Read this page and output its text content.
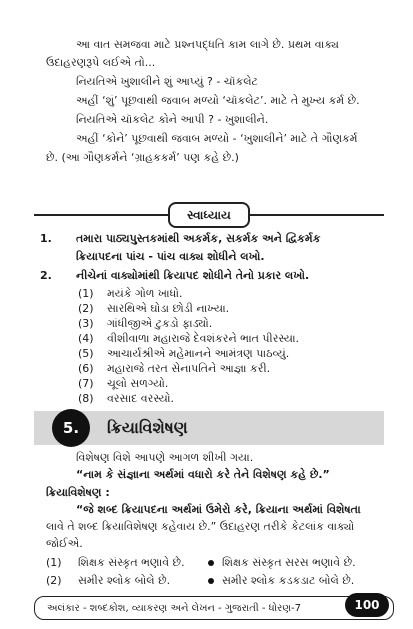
આ વાત સમજવા માટે પ્રશ્નપદ્ધતિ કામ લાગે છે. પ્રથમ વાક્ય
ઉદાહરણરૂપે લઈએ તો...
નિયતિએ ખુશાલીને શું આપ્યું ? - ચૉકલેટ
અહીં ‘શું’ પૂછવાથી જવાબ મળ્યો ‘ચૉકલેટ’. માટે તે મુખ્ય કર્મ છે.
નિયતિએ ચૉકલેટ કોને આપી ? - ખુશાલીને.
અહીં ‘કોને’ પૂછવાથી જવાબ મળ્યો - ‘ખુશાલીને’ માટે તે ગૌણકર્મ
છે. (આ ગૌણકર્મને ‘ગ્રાહકકર્મ’ પણ કહે છે.)
સ્વાધ્યાય
1. તમારા પાઠ્યપુસ્તકમાંથી અકર્મક, સકર્મક અને દ્વિકર્મક
ક્રિયાપદના પાંચ - પાંચ વાક્ય શોધીને લખો.
2. નીચેનાં વાક્યોમાંથી ક્રિયાપદ શોધીને તેનો પ્રકાર લખો.
(1) મયંકે ગોળ ખાધો.
(2) સારથિએ ઘોડા છોડી નાખ્યા.
(3) ગાંધીજીએ ટુકડો ફાડ્યો.
(4) વીશીવાળા મહારાજે દેવશંકરને ભાત પીરસ્યા.
(5) આચાર્યશ્રીએ મહેમાનને આમંત્રણ પાઠવ્યું.
(6) મહારાજે તરત સેનાપતિને આજ્ઞા કરી.
5.	ક્રિયાવિશેષણ
વિશેષણ વિશે આપણે આગળ શીખી ગયા.
“નામ કે સંજ્ઞાના અર્થમાં વધારો કરે તેને વિશેષણ કહે છે.”
ક્રિયાવિશેષણ :
“જે શબ્દ ક્રિયાપદના અર્થમાં ઉમેરો કરે, ક્રિયાના અર્થમાં વિશેષતા
લાવે તે શબ્દ ક્રિયાવિશેષણ કહેવાય છે.” ઉદાહરણ તરીકે કેટલાંક વાક્યો
જોઈએ.
(1) શિક્ષક સંસ્કૃત ભણાવે છે.	શિક્ષક સંસ્કૃત સરસ ભણાવે છે.
અલંકાર - શબ્દકોશ, વ્યાકરણ અને લેખન - ગુજરાતી - ધોરણ-7	100
(7) ચૂલો સળગ્યો.
(8) વરસાદ વરસ્યો.
(2) સમીર શ્લોક બોલે છે.	સમીર શ્લોક કડકડાટ બોલે છે.
